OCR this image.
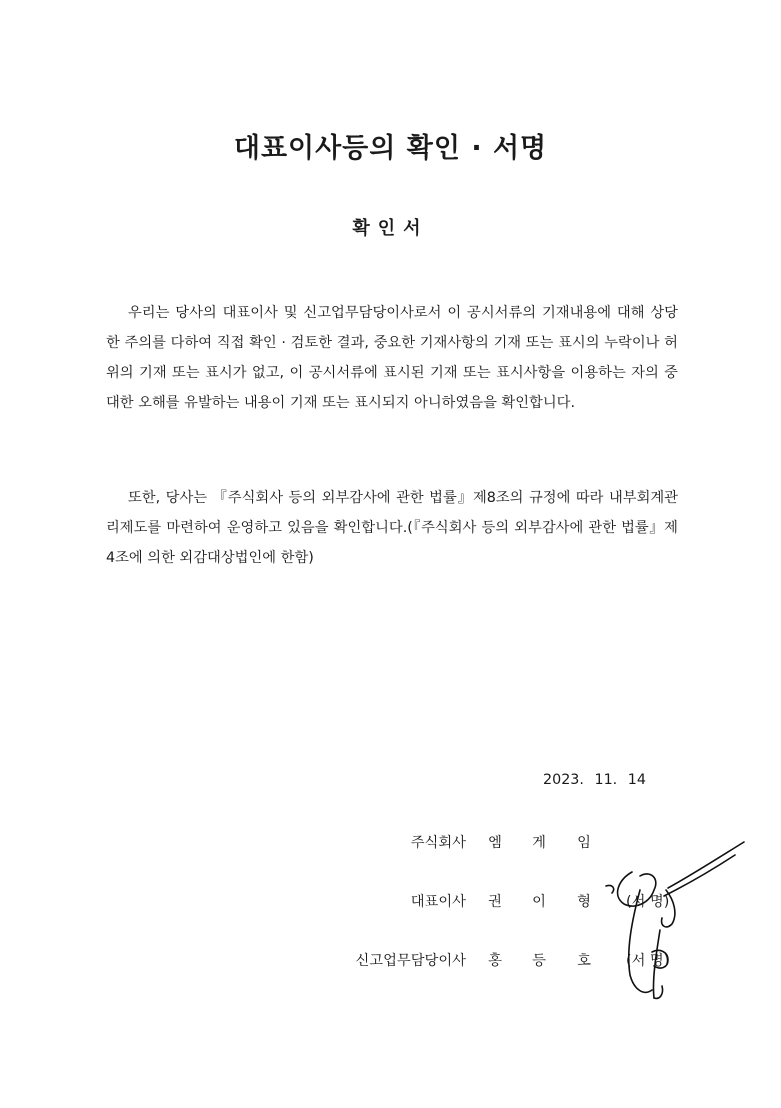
대표이사등의 확인 · 서명
확인서
우리는 당사의 대표이사 및 신고업무담당이사로서 이 공시서류의 기재내용에 대해 상당한 주의를 다하여 직접 확인 · 검토한 결과, 중요한 기재사항의 기재 또는 표시의 누락이나 허위의 기재 또는 표시가 없고, 이 공시서류에 표시된 기재 또는 표시사항을 이용하는 자의 중대한 오해를 유발하는 내용이 기재 또는 표시되지 아니하였음을 확인합니다.
또한, 당사는 『주식회사 등의 외부감사에 관한 법률』제8조의 규정에 따라 내부회계관리제도를 마련하여 운영하고 있음을 확인합니다.(『주식회사 등의 외부감사에 관한 법률』제4조에 의한 외감대상법인에 한함)
2023. 11. 14
주식회사 엠 게 임
대표이사 권 이 형 (서 명)
신고업무담당이사 홍 등 호 (서 명)
